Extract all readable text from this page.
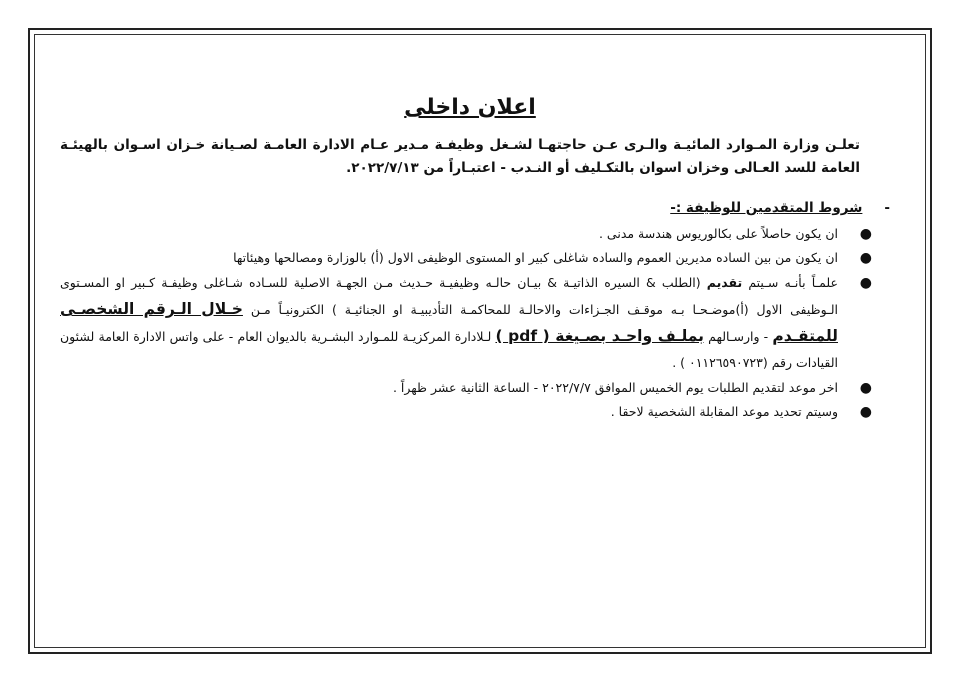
اعلان داخلى
تعلـن وزارة المـوارد المائيـة والـرى عـن حاجتهـا لشـغل وظيفـة مـدير عـام الادارة العامـة لصـيانة خـزان اسـوان بالهيئـة العامة للسد العـالى وخزان اسوان بالتكـليف أو النـدب - اعتبـاراً من ٢٠٢٢/٧/١٣.
-
شروط المتقدمين للوظيفة :-
●
ان يكون حاصلاً على بكالوريوس هندسة مدنى .
●
ان يكون من بين الساده مديرين العموم والساده شاغلى كبير او المستوى الوظيفى الاول (أ) بالوزارة ومصالحها وهيئاتها
●
علمـاً بأنـه سـيتم تقديم (الطلب & السيره الذاتيـة & بيـان حالـه وظيفيـة حـديث مـن الجهـة الاصلية للسـاده شـاغلى وظيفـة كـبير او المسـتوى الـوظيفى الاول (أ)موضـحـا بـه موقـف الجـزاءات والاحالـة للمحاكمـة التأديبيـة او الجنائيـة ) الكترونيـاً مـن خـلال الـرقم الشخصـى للمتقـدم - وارسـالهم بملـف واحـد بصـيغة ( pdf ) لـلادارة المركزيـة للمـوارد البشـرية بالديوان العام - على واتس الادارة العامة لشئون القيادات رقم (٠١١٢٦٥٩٠٧٢٣ ) .
●
اخر موعد لتقديم الطلبات يوم الخميس الموافق ٢٠٢٢/٧/٧ - الساعة الثانية عشر ظهراً .
●
وسيتم تحديد موعد المقابلة الشخصية لاحقا .
